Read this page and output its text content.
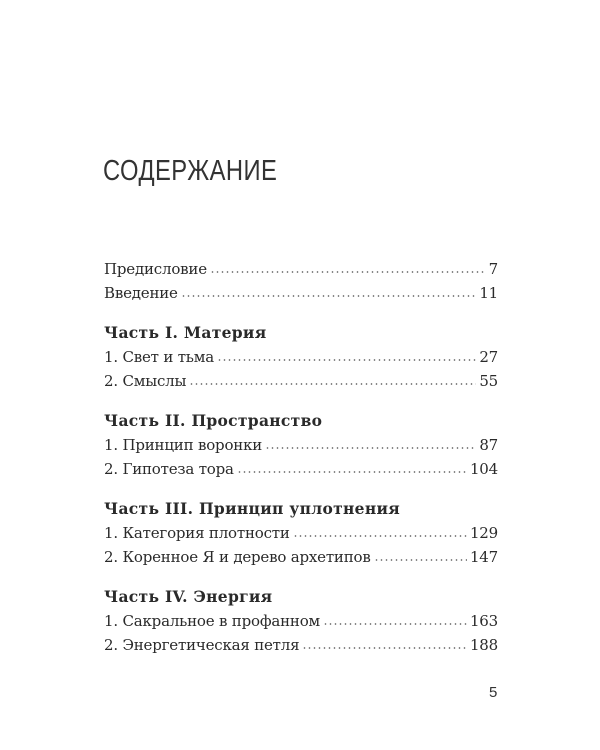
СОДЕРЖАНИЕ
Предисловие	7
Введение	11
Часть I. Материя
1. Свет и тьма	27
2. Смыслы	55
Часть II. Пространство
1. Принцип воронки	87
2. Гипотеза тора	104
Часть III. Принцип уплотнения
1. Категория плотности	129
2. Коренное Я и дерево архетипов	147
Часть IV. Энергия
1. Сакральное в профанном	163
2. Энергетическая петля	188
5
